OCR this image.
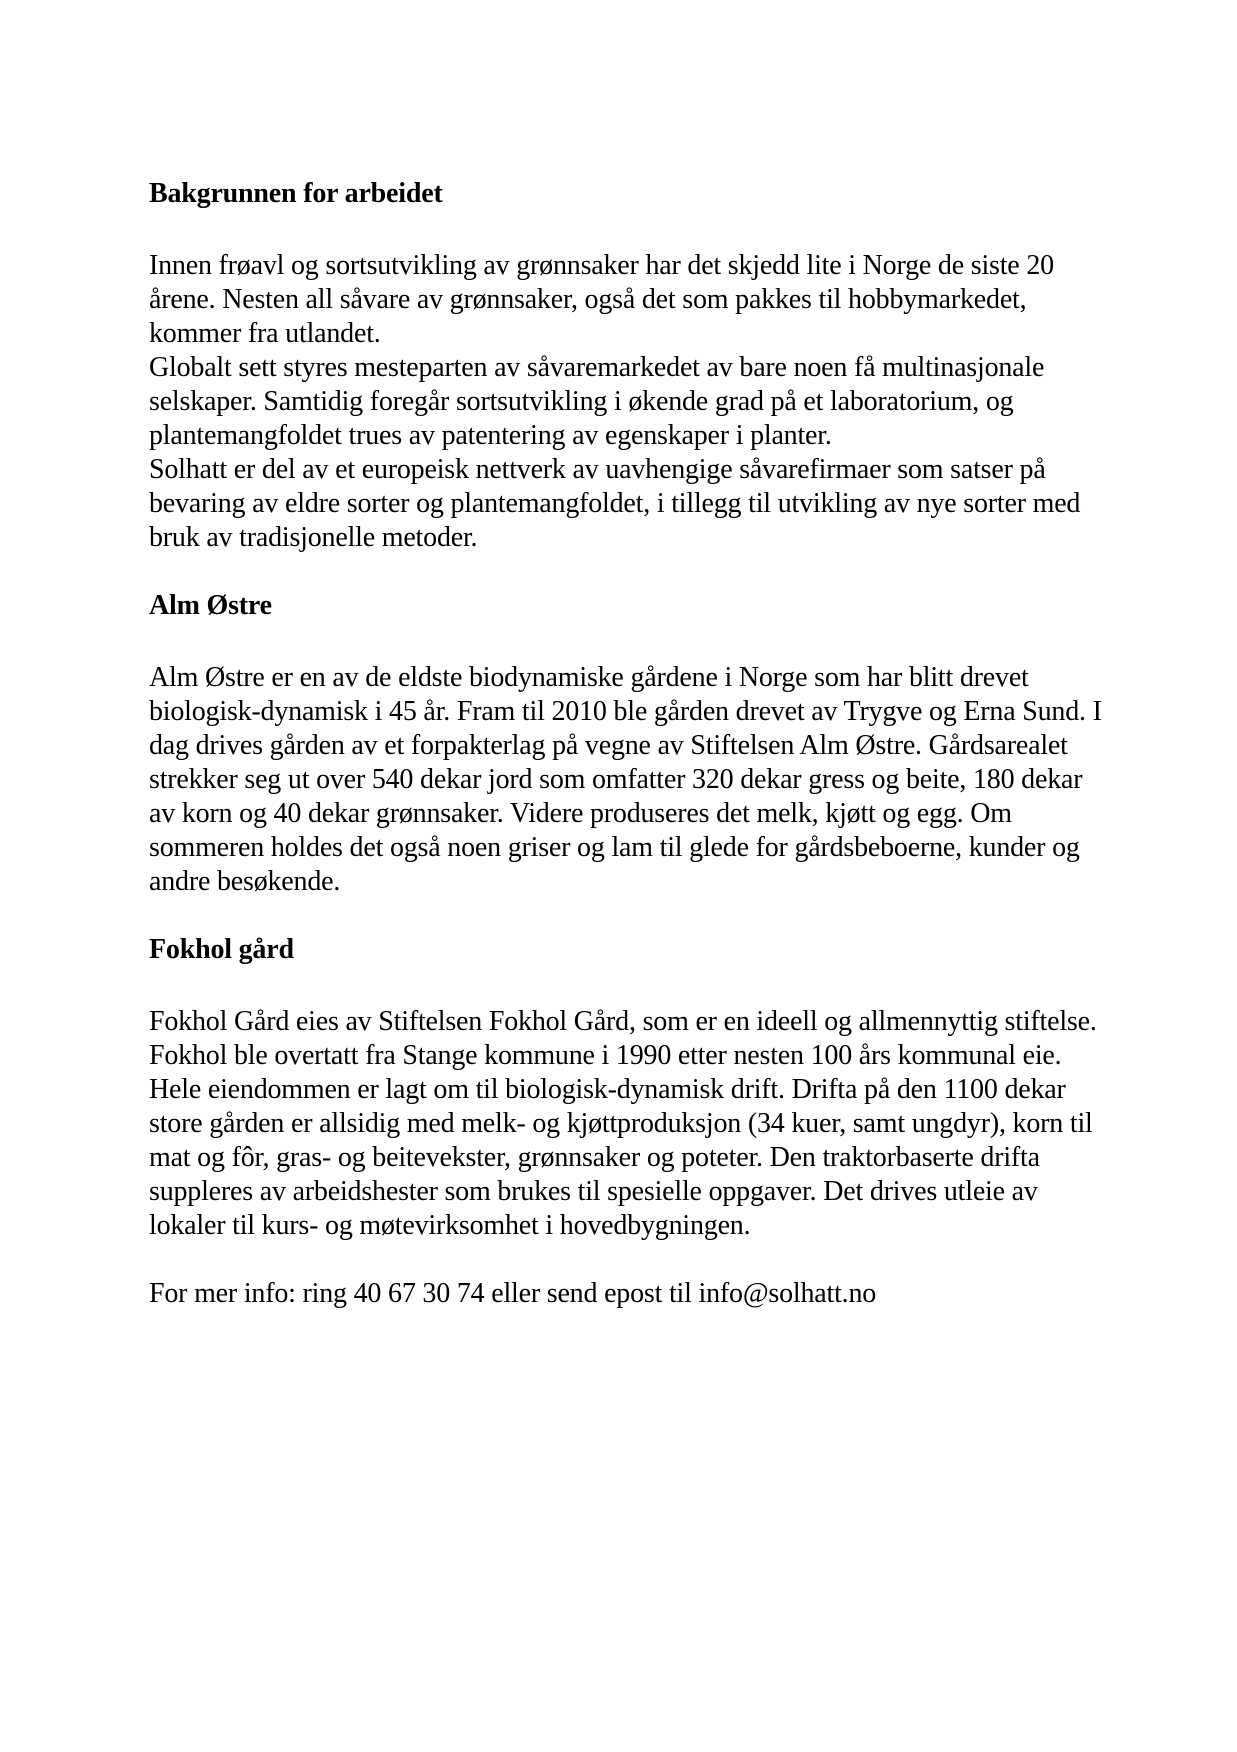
Bakgrunnen for arbeidet

Innen frøavl og sortsutvikling av grønnsaker har det skjedd lite i Norge de siste 20 årene. Nesten all såvare av grønnsaker, også det som pakkes til hobbymarkedet, kommer fra utlandet.

Globalt sett styres mesteparten av såvaremarkedet av bare noen få multinasjonale selskaper. Samtidig foregår sortsutvikling i økende grad på et laboratorium, og plantemangfoldet trues av patentering av egenskaper i planter.

Solhatt er del av et europeisk nettverk av uavhengige såvarefirmaer som satser på bevaring av eldre sorter og plantemangfoldet, i tillegg til utvikling av nye sorter med bruk av tradisjonelle metoder.

Alm Østre

Alm Østre er en av de eldste biodynamiske gårdene i Norge som har blitt drevet biologisk-dynamisk i 45 år. Fram til 2010 ble gården drevet av Trygve og Erna Sund. I dag drives gården av et forpakterlag på vegne av Stiftelsen Alm Østre. Gårdsarealet strekker seg ut over 540 dekar jord som omfatter 320 dekar gress og beite, 180 dekar av korn og 40 dekar grønnsaker. Videre produseres det melk, kjøtt og egg. Om sommeren holdes det også noen griser og lam til glede for gårdsbeboerne, kunder og andre besøkende.

Fokhol gård

Fokhol Gård eies av Stiftelsen Fokhol Gård, som er en ideell og allmennyttig stiftelse. Fokhol ble overtatt fra Stange kommune i 1990 etter nesten 100 års kommunal eie. Hele eiendommen er lagt om til biologisk-dynamisk drift. Drifta på den 1100 dekar store gården er allsidig med melk- og kjøttproduksjon (34 kuer, samt ungdyr), korn til mat og fôr, gras- og beitevekster, grønnsaker og poteter. Den traktorbaserte drifta suppleres av arbeidshester som brukes til spesielle oppgaver. Det drives utleie av lokaler til kurs- og møtevirksomhet i hovedbygningen.

For mer info: ring 40 67 30 74 eller send epost til info@solhatt.no
